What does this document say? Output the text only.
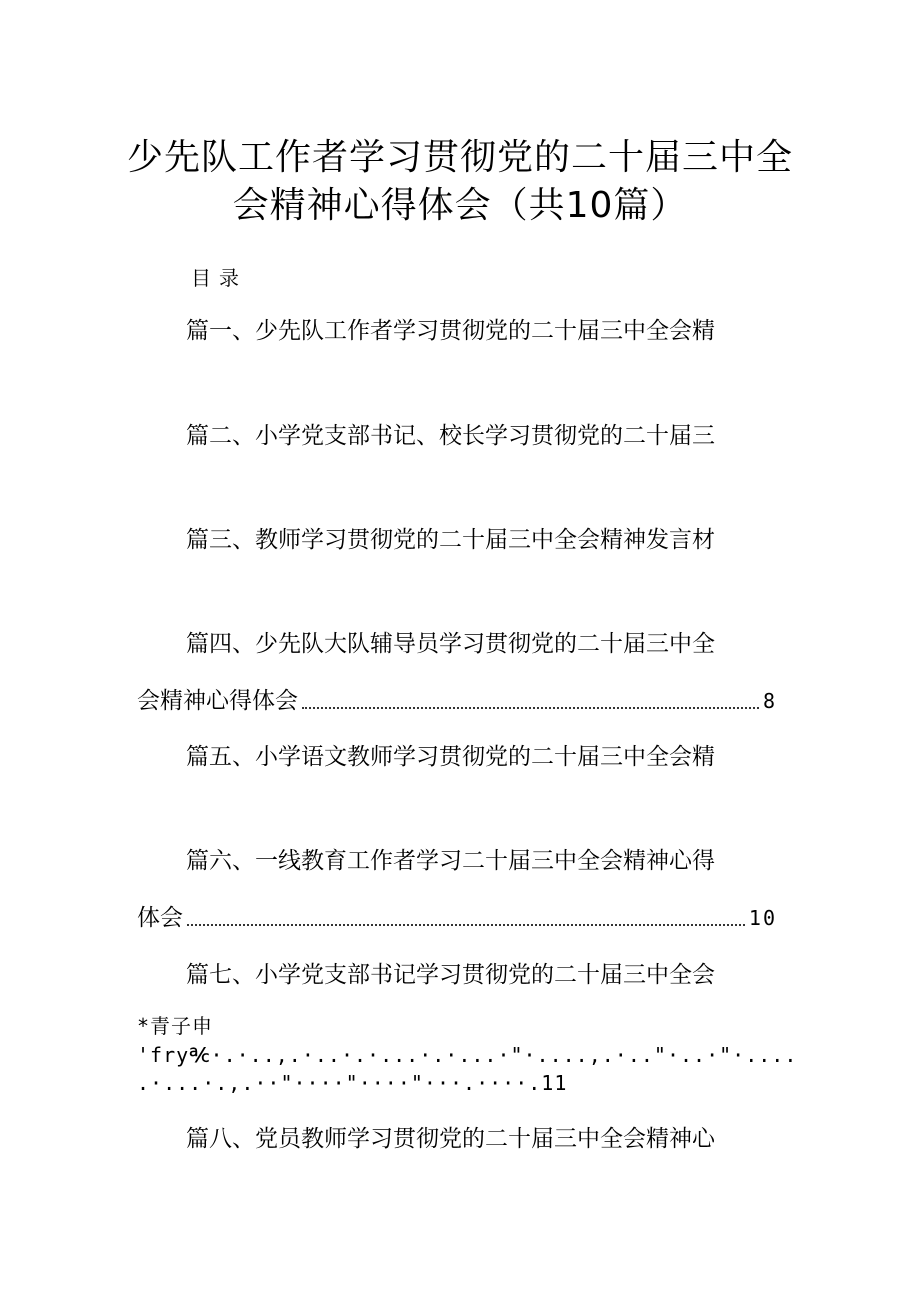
少先队工作者学习贯彻党的二十届三中全
会精神心得体会（共10篇）
目录
篇一、少先队工作者学习贯彻党的二十届三中全会精
篇二、小学党支部书记、校长学习贯彻党的二十届三
篇三、教师学习贯彻党的二十届三中全会精神发言材
篇四、少先队大队辅导员学习贯彻党的二十届三中全
会精神心得体会	8
篇五、小学语文教师学习贯彻党的二十届三中全会精
篇六、一线教育工作者学习二十届三中全会精神心得
体会	10
篇七、小学党支部书记学习贯彻党的二十届三中全会
*青子申
'fry℀·.·..,.·..·.·...·.·...·"·....,.·.."·..·"·....
.·...·.,.··"····"····"···.····.11
篇八、党员教师学习贯彻党的二十届三中全会精神心
